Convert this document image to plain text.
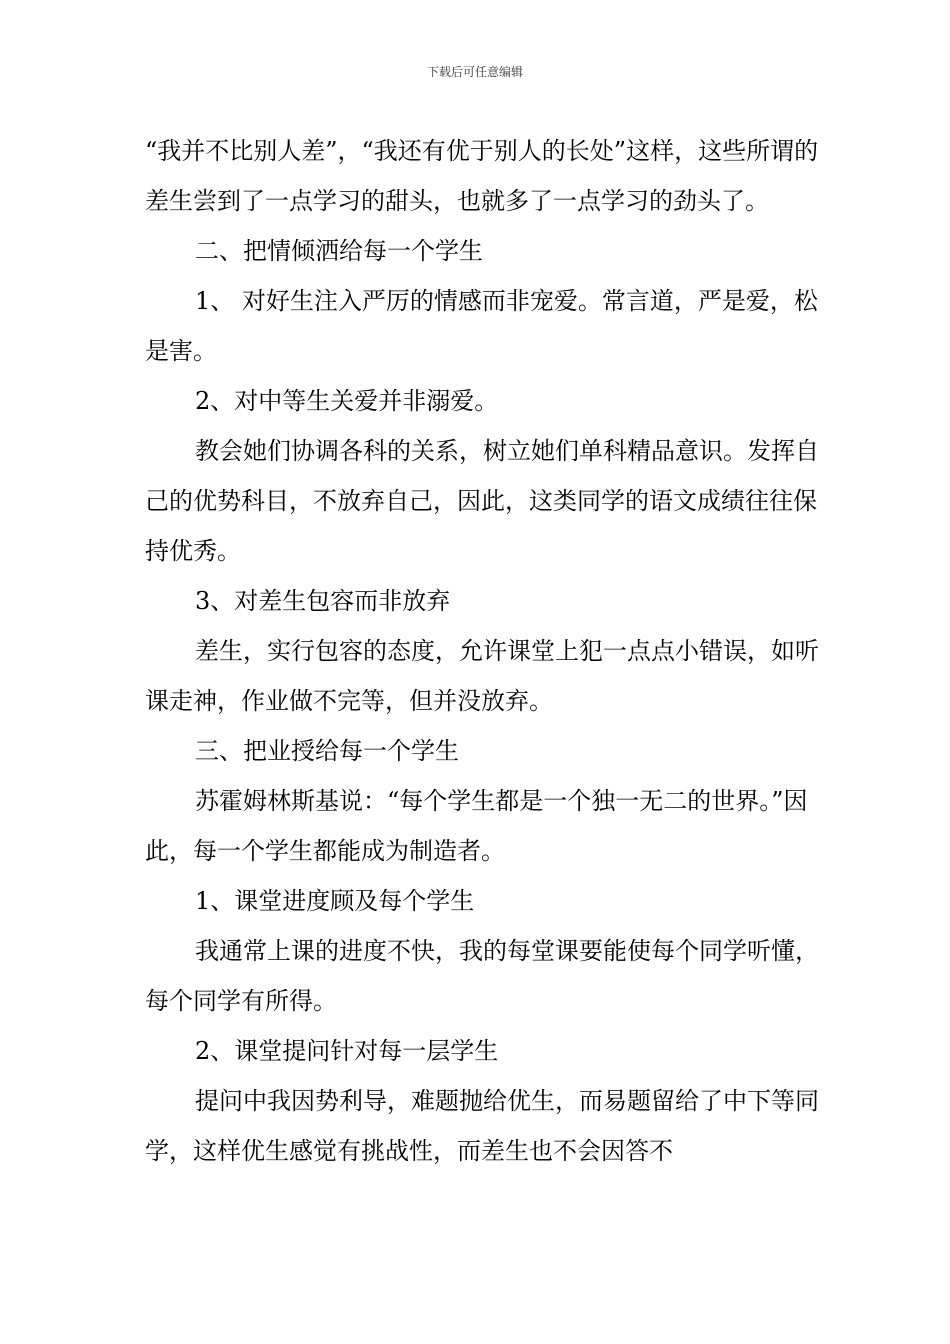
下载后可任意编辑

“我并不比别人差”，“我还有优于别人的长处”这样，这些所谓的差生尝到了一点学习的甜头，也就多了一点学习的劲头了。

二、把情倾洒给每一个学生

1、 对好生注入严厉的情感而非宠爱。常言道，严是爱，松是害。

2、对中等生关爱并非溺爱。

教会她们协调各科的关系，树立她们单科精品意识。发挥自己的优势科目，不放弃自己，因此，这类同学的语文成绩往往保持优秀。

3、对差生包容而非放弃

差生，实行包容的态度，允许课堂上犯一点点小错误，如听课走神，作业做不完等，但并没放弃。

三、把业授给每一个学生

苏霍姆林斯基说：“每个学生都是一个独一无二的世界。”因此，每一个学生都能成为制造者。

1、课堂进度顾及每个学生

我通常上课的进度不快，我的每堂课要能使每个同学听懂，每个同学有所得。

2、课堂提问针对每一层学生

提问中我因势利导，难题抛给优生，而易题留给了中下等同学，这样优生感觉有挑战性，而差生也不会因答不
